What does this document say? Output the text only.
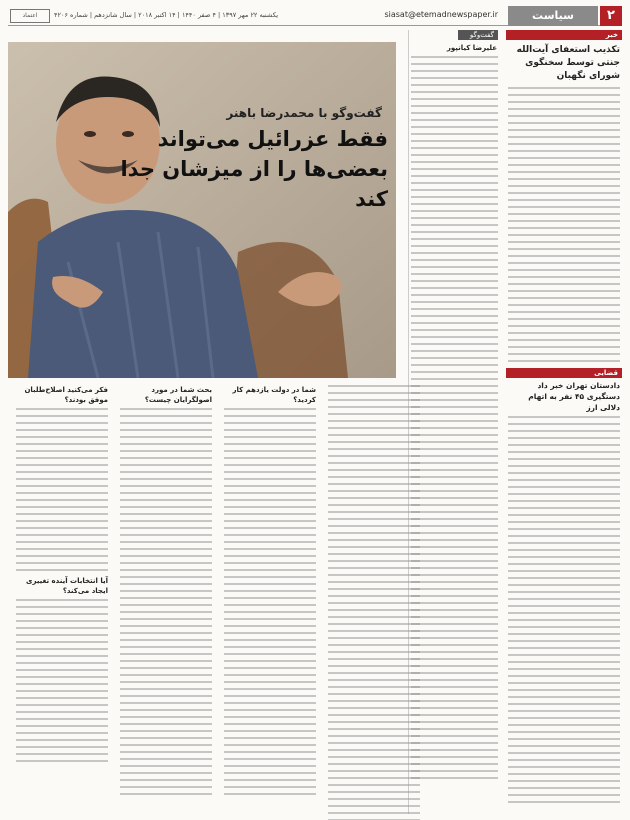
۲
سیاست
siasat@etemadnewspaper.ir
یکشنبه ۲۲ مهر ۱۳۹۷ | ۴ صفر ۱۴۴۰ | ۱۴ اکتبر ۲۰۱۸ | سال شانزدهم | شماره ۴۲۰۶
اعتماد
خبر
تکذیب استعفای آیت‌الله جنتی توسط سخنگوی شورای نگهبان
قضایی
دادستان تهران خبر داد
دستگیری ۴۵ نفر به اتهام دلالی ارز
گفت‌وگو
علیرضا کیانپور
گفت‌وگو با محمدرضا باهنر
فقط عزرائیل می‌تواند بعضی‌ها را از میزشان جدا کند
شما در دولت یازدهم کار کردید؟
بحث شما در مورد اصولگرایان چیست؟
فکر می‌کنید اصلاح‌طلبان موفق بودند؟
آیا انتخابات آینده تغییری ایجاد می‌کند؟
